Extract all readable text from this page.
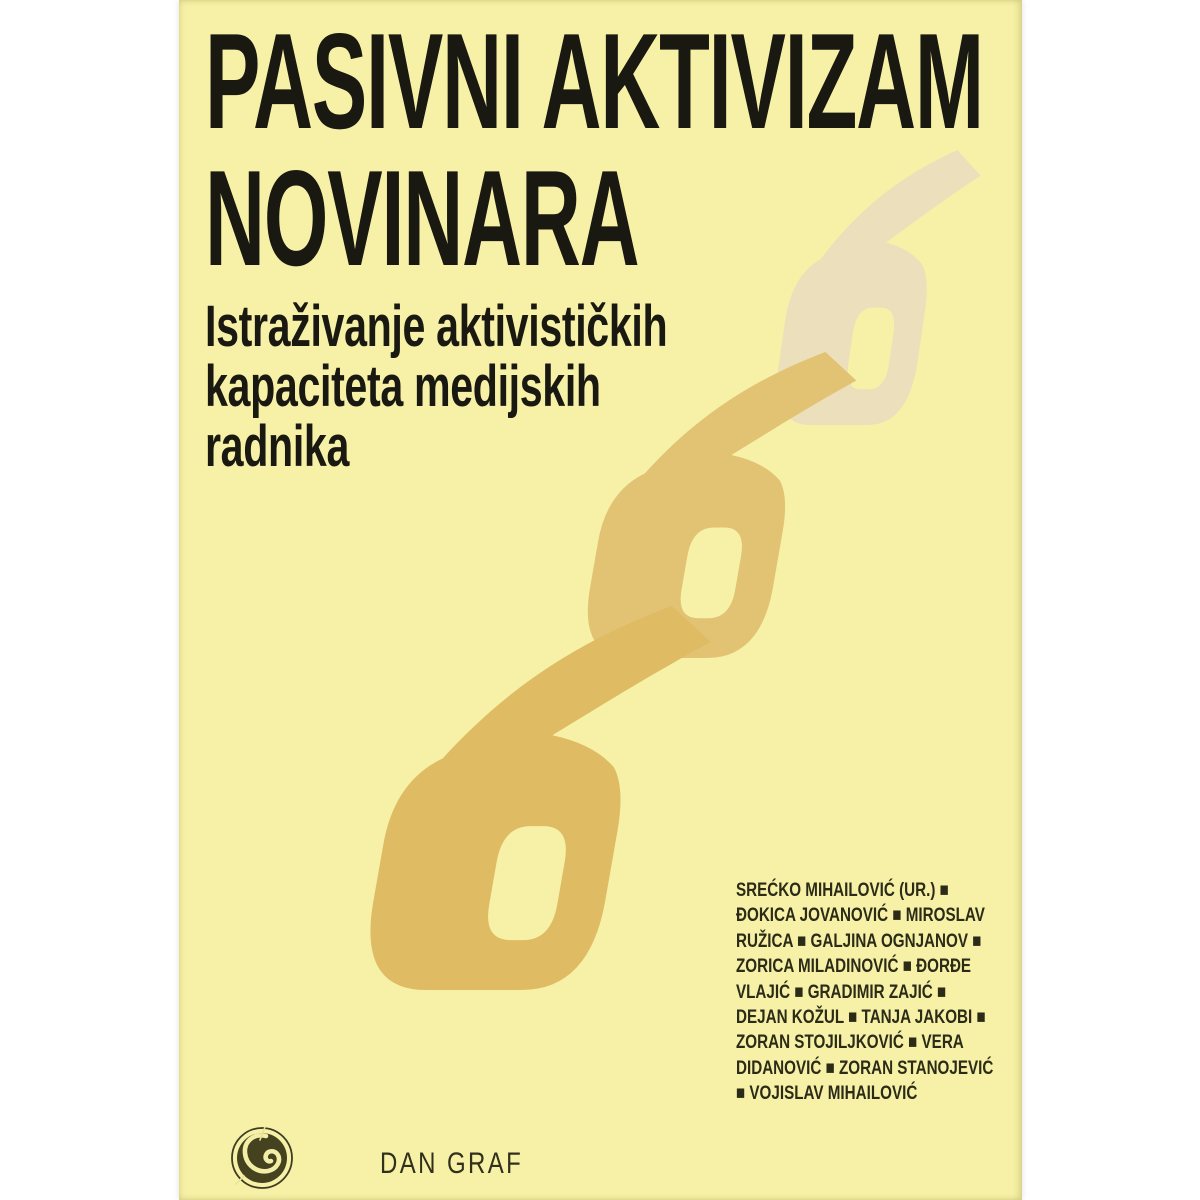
PASIVNI AKTIVIZAM
NOVINARA
Istraživanje aktivističkih
kapaciteta medijskih
radnika
SREĆKO MIHAILOVIĆ (UR.) ■
ĐOKICA JOVANOVIĆ ■ MIROSLAV
RUŽICA ■ GALJINA OGNJANOV ■
ZORICA MILADINOVIĆ ■ ĐORĐE
VLAJIĆ ■ GRADIMIR ZAJIĆ ■
DEJAN KOŽUL ■ TANJA JAKOBI ■
ZORAN STOJILJKOVIĆ ■ VERA
DIDANOVIĆ ■ ZORAN STANOJEVIĆ
■ VOJISLAV MIHAILOVIĆ
DAN GRAF
